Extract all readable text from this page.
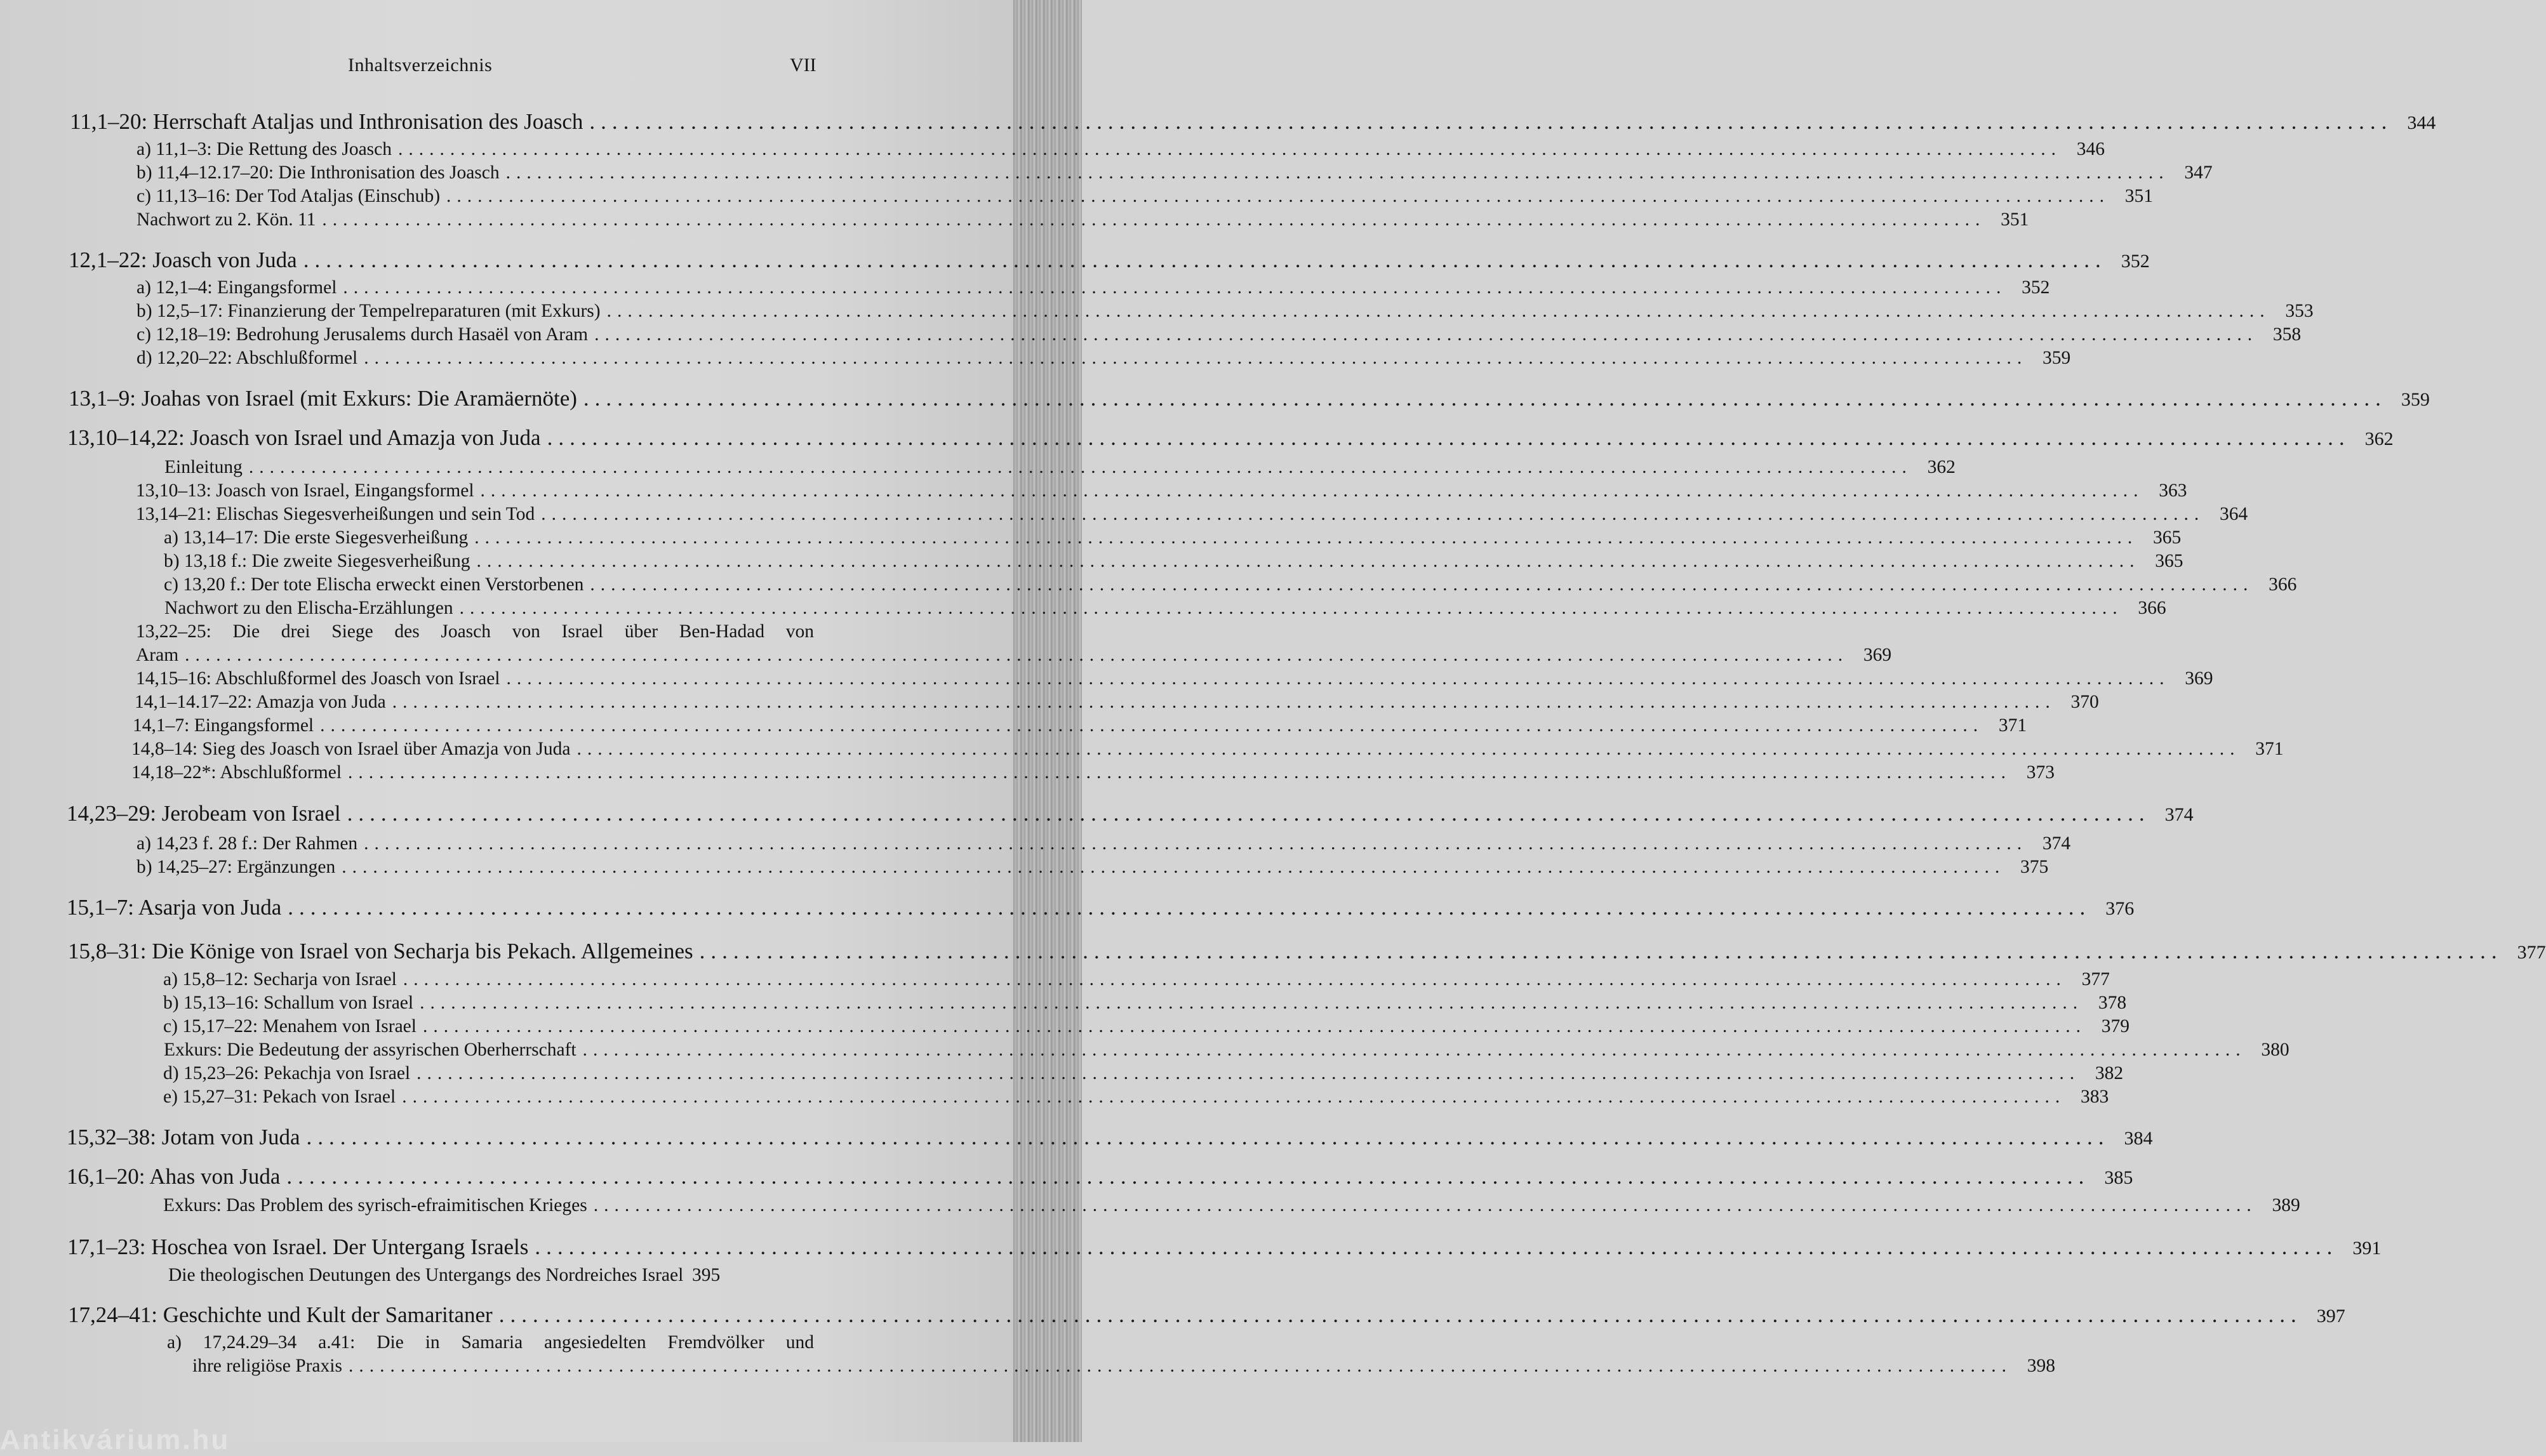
Inhaltsverzeichnis	VII
11,1–20: Herrschaft Ataljas und Inthronisation des Joasch ................................................................................................................................................................ 344
a) 11,1–3: Die Rettung des Joasch ................................................................................................................................................................ 346
b) 11,4–12.17–20: Die Inthronisation des Joasch ................................................................................................................................................................ 347
c) 11,13–16: Der Tod Ataljas (Einschub) ................................................................................................................................................................ 351
Nachwort zu 2. Kön. 11 ................................................................................................................................................................ 351
12,1–22: Joasch von Juda ................................................................................................................................................................ 352
a) 12,1–4: Eingangsformel ................................................................................................................................................................ 352
b) 12,5–17: Finanzierung der Tempelreparaturen (mit Exkurs) ................................................................................................................................................................ 353
c) 12,18–19: Bedrohung Jerusalems durch Hasaël von Aram ................................................................................................................................................................ 358
d) 12,20–22: Abschlußformel ................................................................................................................................................................ 359
13,1–9: Joahas von Israel (mit Exkurs: Die Aramäernöte) ................................................................................................................................................................ 359
13,10–14,22: Joasch von Israel und Amazja von Juda ................................................................................................................................................................ 362
Einleitung ................................................................................................................................................................ 362
13,10–13: Joasch von Israel, Eingangsformel ................................................................................................................................................................ 363
13,14–21: Elischas Siegesverheißungen und sein Tod ................................................................................................................................................................ 364
a) 13,14–17: Die erste Siegesverheißung ................................................................................................................................................................ 365
b) 13,18 f.: Die zweite Siegesverheißung ................................................................................................................................................................ 365
c) 13,20 f.: Der tote Elischa erweckt einen Verstorbenen ................................................................................................................................................................ 366
Nachwort zu den Elischa-Erzählungen ................................................................................................................................................................ 366
13,22–25: Die drei Siege des Joasch von Israel über Ben-Hadad von
Aram ................................................................................................................................................................ 369
14,15–16: Abschlußformel des Joasch von Israel ................................................................................................................................................................ 369
14,1–14.17–22: Amazja von Juda ................................................................................................................................................................ 370
14,1–7: Eingangsformel ................................................................................................................................................................ 371
14,8–14: Sieg des Joasch von Israel über Amazja von Juda ................................................................................................................................................................ 371
14,18–22*: Abschlußformel ................................................................................................................................................................ 373
14,23–29: Jerobeam von Israel ................................................................................................................................................................ 374
a) 14,23 f. 28 f.: Der Rahmen ................................................................................................................................................................ 374
b) 14,25–27: Ergänzungen ................................................................................................................................................................ 375
15,1–7: Asarja von Juda ................................................................................................................................................................ 376
15,8–31: Die Könige von Israel von Secharja bis Pekach. Allgemeines ................................................................................................................................................................ 377
a) 15,8–12: Secharja von Israel ................................................................................................................................................................ 377
b) 15,13–16: Schallum von Israel ................................................................................................................................................................ 378
c) 15,17–22: Menahem von Israel ................................................................................................................................................................ 379
Exkurs: Die Bedeutung der assyrischen Oberherrschaft ................................................................................................................................................................ 380
d) 15,23–26: Pekachja von Israel ................................................................................................................................................................ 382
e) 15,27–31: Pekach von Israel ................................................................................................................................................................ 383
15,32–38: Jotam von Juda ................................................................................................................................................................ 384
16,1–20: Ahas von Juda ................................................................................................................................................................ 385
Exkurs: Das Problem des syrisch-efraimitischen Krieges ................................................................................................................................................................ 389
17,1–23: Hoschea von Israel. Der Untergang Israels ................................................................................................................................................................ 391
Die theologischen Deutungen des Untergangs des Nordreiches Israel 395
17,24–41: Geschichte und Kult der Samaritaner ................................................................................................................................................................ 397
a) 17,24.29–34 a.41: Die in Samaria angesiedelten Fremdvölker und
ihre religiöse Praxis ................................................................................................................................................................ 398
Antikvárium.hu
